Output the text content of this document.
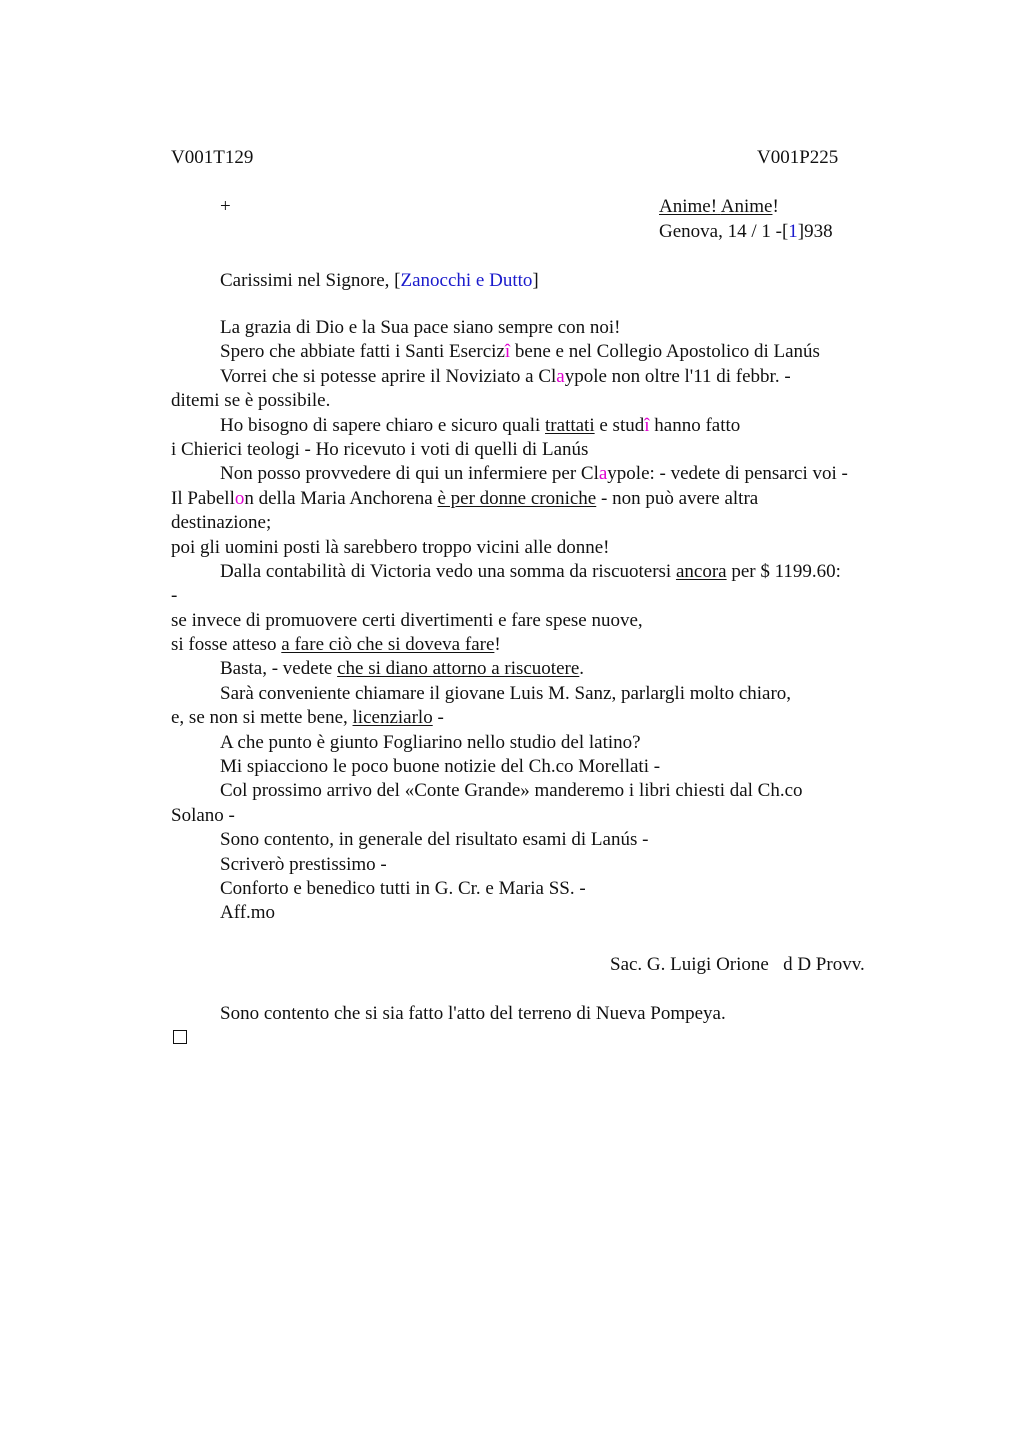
V001T129	V001P225
+	Anime! Anime!
Genova, 14 / 1 -[1]938
Carissimi nel Signore, [Zanocchi e Dutto]
La grazia di Dio e la Sua pace siano sempre con noi!
Spero che abbiate fatti i Santi Esercizî bene e nel Collegio Apostolico di Lanús
Vorrei che si potesse aprire il Noviziato a Claypole non oltre l'11 di febbr. -
ditemi se è possibile.
Ho bisogno di sapere chiaro e sicuro quali trattati e studî hanno fatto
i Chierici teologi - Ho ricevuto i voti di quelli di Lanús
Non posso provvedere di qui un infermiere per Claypole: - vedete di pensarci voi -
Il Pabellon della Maria Anchorena è per donne croniche - non può avere altra
destinazione;
poi gli uomini posti là sarebbero troppo vicini alle donne!
Dalla contabilità di Victoria vedo una somma da riscuotersi ancora per $ 1199.60:
-
se invece di promuovere certi divertimenti e fare spese nuove,
si fosse atteso a fare ciò che si doveva fare!
Basta, - vedete che si diano attorno a riscuotere.
Sarà conveniente chiamare il giovane Luis M. Sanz, parlargli molto chiaro,
e, se non si mette bene, licenziarlo -
A che punto è giunto Fogliarino nello studio del latino?
Mi spiacciono le poco buone notizie del Ch.co Morellati -
Col prossimo arrivo del «Conte Grande» manderemo i libri chiesti dal Ch.co
Solano -
Sono contento, in generale del risultato esami di Lanús -
Scriverò prestissimo -
Conforto e benedico tutti in G. Cr. e Maria SS. -
Aff.mo
Sac. G. Luigi Orione   d D Provv.
Sono contento che si sia fatto l'atto del terreno di Nueva Pompeya.
